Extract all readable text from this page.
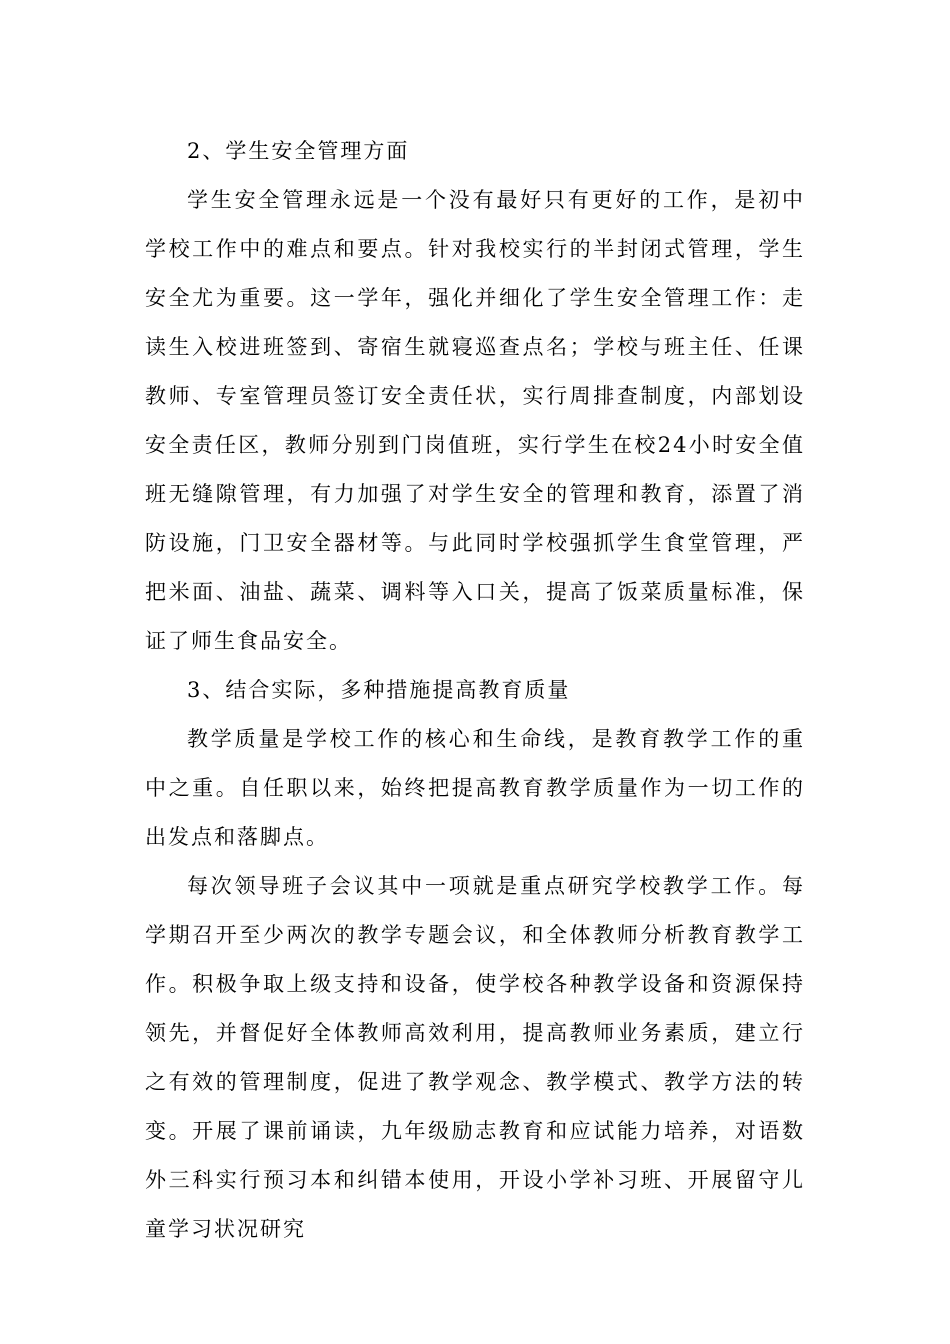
2、学生安全管理方面

学生安全管理永远是一个没有最好只有更好的工作，是初中学校工作中的难点和要点。针对我校实行的半封闭式管理，学生安全尤为重要。这一学年，强化并细化了学生安全管理工作：走读生入校进班签到、寄宿生就寝巡查点名；学校与班主任、任课教师、专室管理员签订安全责任状，实行周排查制度，内部划设安全责任区，教师分别到门岗值班，实行学生在校24小时安全值班无缝隙管理，有力加强了对学生安全的管理和教育，添置了消防设施，门卫安全器材等。与此同时学校强抓学生食堂管理，严把米面、油盐、蔬菜、调料等入口关，提高了饭菜质量标准，保证了师生食品安全。

3、结合实际，多种措施提高教育质量

教学质量是学校工作的核心和生命线，是教育教学工作的重中之重。自任职以来，始终把提高教育教学质量作为一切工作的出发点和落脚点。

每次领导班子会议其中一项就是重点研究学校教学工作。每学期召开至少两次的教学专题会议，和全体教师分析教育教学工作。积极争取上级支持和设备，使学校各种教学设备和资源保持领先，并督促好全体教师高效利用，提高教师业务素质，建立行之有效的管理制度，促进了教学观念、教学模式、教学方法的转变。开展了课前诵读，九年级励志教育和应试能力培养，对语数外三科实行预习本和纠错本使用，开设小学补习班、开展留守儿童学习状况研究
